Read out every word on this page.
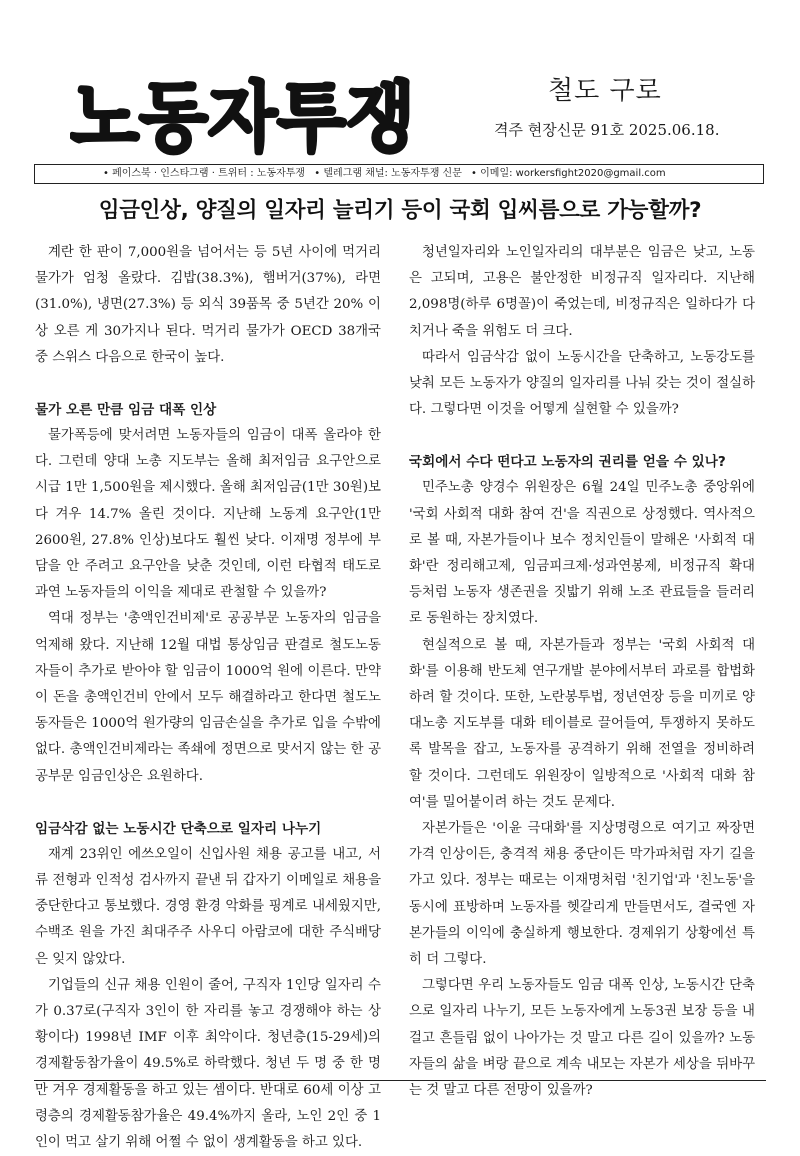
노동자투쟁	철도 구로
격주 현장신문 91호 2025.06.18.
• 페이스북 · 인스타그램 · 트위터 : 노동자투쟁 • 텔레그램 채널: 노동자투쟁 신문 • 이메일: workersfight2020@gmail.com
임금인상, 양질의 일자리 늘리기 등이 국회 입씨름으로 가능할까?

계란 한 판이 7,000원을 넘어서는 등 5년 사이에 먹거리 물가가 엄청 올랐다. 김밥(38.3%), 햄버거(37%), 라면(31.0%), 냉면(27.3%) 등 외식 39품목 중 5년간 20% 이상 오른 게 30가지나 된다. 먹거리 물가가 OECD 38개국 중 스위스 다음으로 한국이 높다.

물가 오른 만큼 임금 대폭 인상

물가폭등에 맞서려면 노동자들의 임금이 대폭 올라야 한다. 그런데 양대 노총 지도부는 올해 최저임금 요구안으로 시급 1만 1,500원을 제시했다. 올해 최저임금(1만 30원)보다 겨우 14.7% 올린 것이다. 지난해 노동계 요구안(1만 2600원, 27.8% 인상)보다도 훨씬 낮다. 이재명 정부에 부담을 안 주려고 요구안을 낮춘 것인데, 이런 타협적 태도로 과연 노동자들의 이익을 제대로 관철할 수 있을까?

역대 정부는 '총액인건비제'로 공공부문 노동자의 임금을 억제해 왔다. 지난해 12월 대법 통상임금 판결로 철도노동자들이 추가로 받아야 할 임금이 1000억 원에 이른다. 만약 이 돈을 총액인건비 안에서 모두 해결하라고 한다면 철도노동자들은 1000억 원가량의 임금손실을 추가로 입을 수밖에 없다. 총액인건비제라는 족쇄에 정면으로 맞서지 않는 한 공공부문 임금인상은 요원하다.

임금삭감 없는 노동시간 단축으로 일자리 나누기

재계 23위인 에쓰오일이 신입사원 채용 공고를 내고, 서류 전형과 인적성 검사까지 끝낸 뒤 갑자기 이메일로 채용을 중단한다고 통보했다. 경영 환경 악화를 핑계로 내세웠지만, 수백조 원을 가진 최대주주 사우디 아람코에 대한 주식배당은 잊지 않았다.

기업들의 신규 채용 인원이 줄어, 구직자 1인당 일자리 수가 0.37로(구직자 3인이 한 자리를 놓고 경쟁해야 하는 상황이다) 1998년 IMF 이후 최악이다. 청년층(15-29세)의 경제활동참가율이 49.5%로 하락했다. 청년 두 명 중 한 명만 겨우 경제활동을 하고 있는 셈이다. 반대로 60세 이상 고령층의 경제활동참가율은 49.4%까지 올라, 노인 2인 중 1인이 먹고 살기 위해 어쩔 수 없이 생계활동을 하고 있다.

청년일자리와 노인일자리의 대부분은 임금은 낮고, 노동은 고되며, 고용은 불안정한 비정규직 일자리다. 지난해 2,098명(하루 6명꼴)이 죽었는데, 비정규직은 일하다가 다치거나 죽을 위험도 더 크다.

따라서 임금삭감 없이 노동시간을 단축하고, 노동강도를 낮춰 모든 노동자가 양질의 일자리를 나눠 갖는 것이 절실하다. 그렇다면 이것을 어떻게 실현할 수 있을까?

국회에서 수다 떤다고 노동자의 권리를 얻을 수 있나?

민주노총 양경수 위원장은 6월 24일 민주노총 중앙위에 '국회 사회적 대화 참여 건'을 직권으로 상정했다. 역사적으로 볼 때, 자본가들이나 보수 정치인들이 말해온 '사회적 대화'란 정리해고제, 임금피크제·성과연봉제, 비정규직 확대 등처럼 노동자 생존권을 짓밟기 위해 노조 관료들을 들러리로 동원하는 장치였다.

현실적으로 볼 때, 자본가들과 정부는 '국회 사회적 대화'를 이용해 반도체 연구개발 분야에서부터 과로를 합법화하려 할 것이다. 또한, 노란봉투법, 정년연장 등을 미끼로 양대노총 지도부를 대화 테이블로 끌어들여, 투쟁하지 못하도록 발목을 잡고, 노동자를 공격하기 위해 전열을 정비하려 할 것이다. 그런데도 위원장이 일방적으로 '사회적 대화 참여'를 밀어붙이려 하는 것도 문제다.

자본가들은 '이윤 극대화'를 지상명령으로 여기고 짜장면 가격 인상이든, 충격적 채용 중단이든 막가파처럼 자기 길을 가고 있다. 정부는 때로는 이재명처럼 '친기업'과 '친노동'을 동시에 표방하며 노동자를 헷갈리게 만들면서도, 결국엔 자본가들의 이익에 충실하게 행보한다. 경제위기 상황에선 특히 더 그렇다.

그렇다면 우리 노동자들도 임금 대폭 인상, 노동시간 단축으로 일자리 나누기, 모든 노동자에게 노동3권 보장 등을 내걸고 흔들림 없이 나아가는 것 말고 다른 길이 있을까? 노동자들의 삶을 벼랑 끝으로 계속 내모는 자본가 세상을 뒤바꾸는 것 말고 다른 전망이 있을까?
